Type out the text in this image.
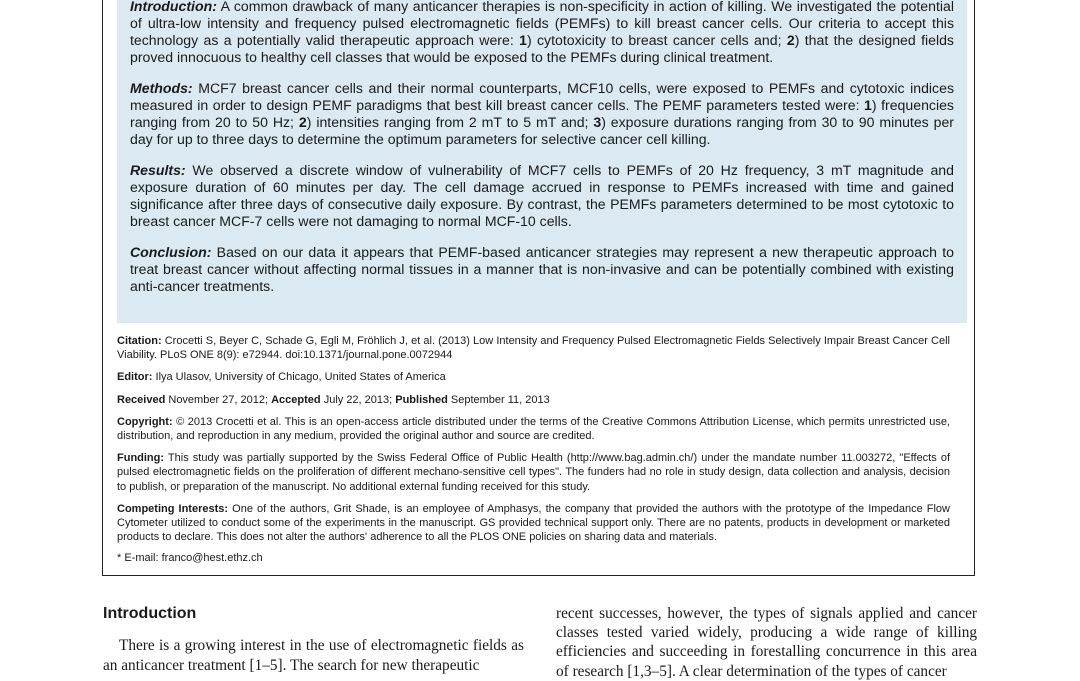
Introduction: A common drawback of many anticancer therapies is non-specificity in action of killing. We investigated the potential of ultra-low intensity and frequency pulsed electromagnetic fields (PEMFs) to kill breast cancer cells. Our criteria to accept this technology as a potentially valid therapeutic approach were: 1) cytotoxicity to breast cancer cells and; 2) that the designed fields proved innocuous to healthy cell classes that would be exposed to the PEMFs during clinical treatment.

Methods: MCF7 breast cancer cells and their normal counterparts, MCF10 cells, were exposed to PEMFs and cytotoxic indices measured in order to design PEMF paradigms that best kill breast cancer cells. The PEMF parameters tested were: 1) frequencies ranging from 20 to 50 Hz; 2) intensities ranging from 2 mT to 5 mT and; 3) exposure durations ranging from 30 to 90 minutes per day for up to three days to determine the optimum parameters for selective cancer cell killing.

Results: We observed a discrete window of vulnerability of MCF7 cells to PEMFs of 20 Hz frequency, 3 mT magnitude and exposure duration of 60 minutes per day. The cell damage accrued in response to PEMFs increased with time and gained significance after three days of consecutive daily exposure. By contrast, the PEMFs parameters determined to be most cytotoxic to breast cancer MCF-7 cells were not damaging to normal MCF-10 cells.

Conclusion: Based on our data it appears that PEMF-based anticancer strategies may represent a new therapeutic approach to treat breast cancer without affecting normal tissues in a manner that is non-invasive and can be potentially combined with existing anti-cancer treatments.

Citation: Crocetti S, Beyer C, Schade G, Egli M, Fröhlich J, et al. (2013) Low Intensity and Frequency Pulsed Electromagnetic Fields Selectively Impair Breast Cancer Cell Viability. PLoS ONE 8(9): e72944. doi:10.1371/journal.pone.0072944

Editor: Ilya Ulasov, University of Chicago, United States of America

Received November 27, 2012; Accepted July 22, 2013; Published September 11, 2013

Copyright: © 2013 Crocetti et al. This is an open-access article distributed under the terms of the Creative Commons Attribution License, which permits unrestricted use, distribution, and reproduction in any medium, provided the original author and source are credited.

Funding: This study was partially supported by the Swiss Federal Office of Public Health (http://www.bag.admin.ch/) under the mandate number 11.003272, "Effects of pulsed electromagnetic fields on the proliferation of different mechano-sensitive cell types". The funders had no role in study design, data collection and analysis, decision to publish, or preparation of the manuscript. No additional external funding received for this study.

Competing Interests: One of the authors, Grit Shade, is an employee of Amphasys, the company that provided the authors with the prototype of the Impedance Flow Cytometer utilized to conduct some of the experiments in the manuscript. GS provided technical support only. There are no patents, products in development or marketed products to declare. This does not alter the authors' adherence to all the PLOS ONE policies on sharing data and materials.

* E-mail: franco@hest.ethz.ch

Introduction

There is a growing interest in the use of electromagnetic fields as an anticancer treatment [1–5]. The search for new therapeutic

recent successes, however, the types of signals applied and cancer classes tested varied widely, producing a wide range of killing efficiencies and succeeding in forestalling concurrence in this area of research [1,3–5]. A clear determination of the types of cancer
